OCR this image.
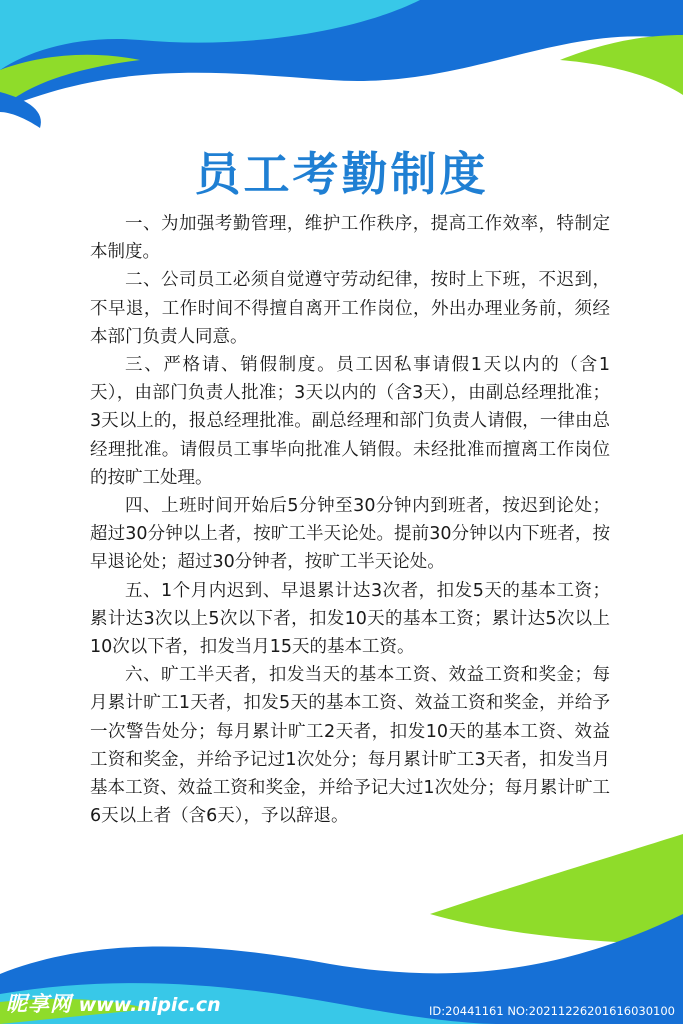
员工考勤制度

一、为加强考勤管理，维护工作秩序，提高工作效率，特制定本制度。

二、公司员工必须自觉遵守劳动纪律，按时上下班，不迟到，不早退，工作时间不得擅自离开工作岗位，外出办理业务前，须经本部门负责人同意。

三、严格请、销假制度。员工因私事请假1天以内的（含1天），由部门负责人批准；3天以内的（含3天），由副总经理批准；3天以上的，报总经理批准。副总经理和部门负责人请假，一律由总经理批准。请假员工事毕向批准人销假。未经批准而擅离工作岗位的按旷工处理。

四、上班时间开始后5分钟至30分钟内到班者，按迟到论处；超过30分钟以上者，按旷工半天论处。提前30分钟以内下班者，按早退论处；超过30分钟者，按旷工半天论处。

五、1个月内迟到、早退累计达3次者，扣发5天的基本工资；累计达3次以上5次以下者，扣发10天的基本工资；累计达5次以上10次以下者，扣发当月15天的基本工资。

六、旷工半天者，扣发当天的基本工资、效益工资和奖金；每月累计旷工1天者，扣发5天的基本工资、效益工资和奖金，并给予一次警告处分；每月累计旷工2天者，扣发10天的基本工资、效益工资和奖金，并给予记过1次处分；每月累计旷工3天者，扣发当月基本工资、效益工资和奖金，并给予记大过1次处分；每月累计旷工6天以上者（含6天），予以辞退。

昵享网 www.nipic.cn	ID:20441161 NO:20211226201616030100
